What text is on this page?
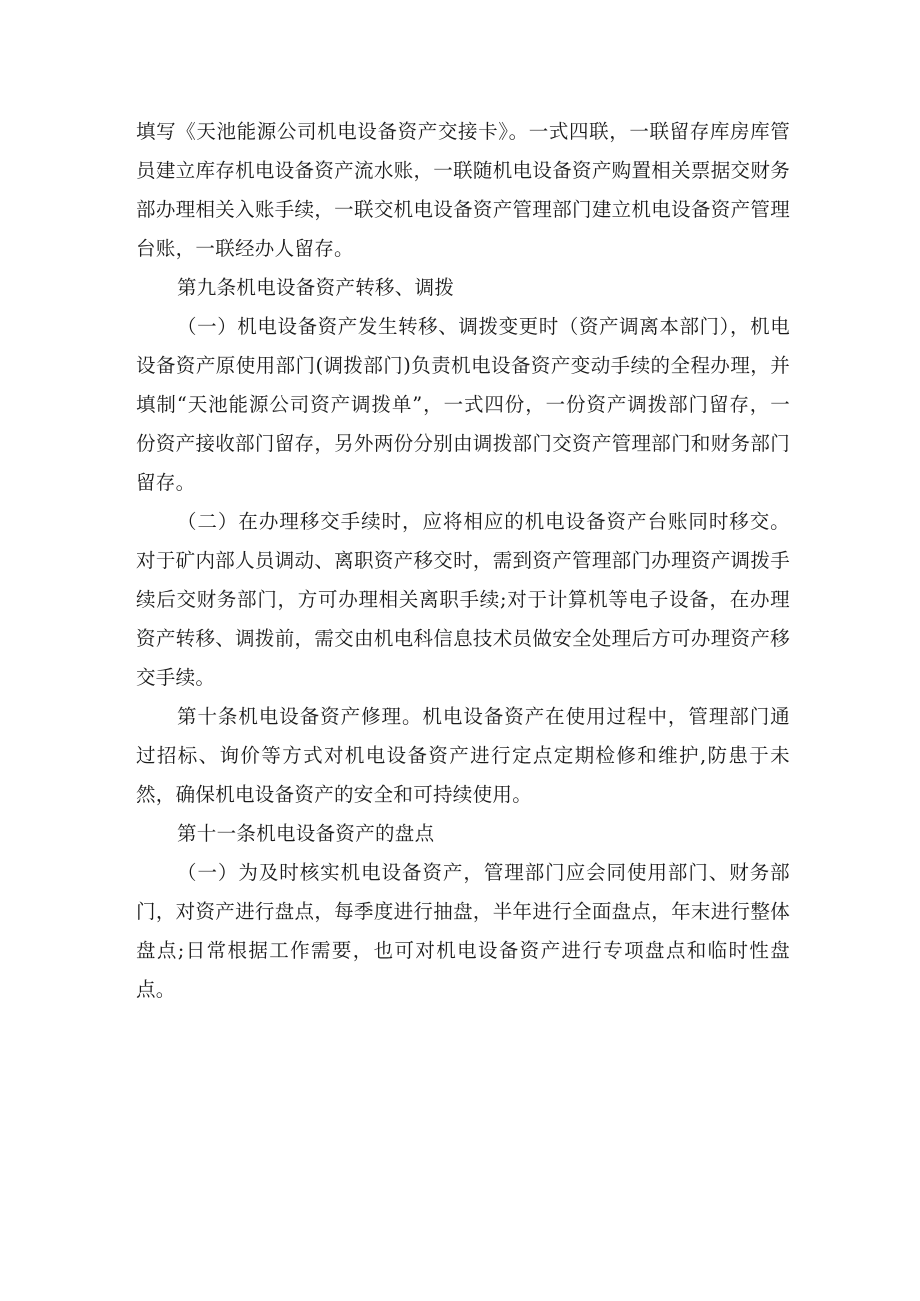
填写《天池能源公司机电设备资产交接卡》。一式四联，一联留存库房库管员建立库存机电设备资产流水账，一联随机电设备资产购置相关票据交财务部办理相关入账手续，一联交机电设备资产管理部门建立机电设备资产管理台账，一联经办人留存。

第九条机电设备资产转移、调拨

（一）机电设备资产发生转移、调拨变更时（资产调离本部门），机电设备资产原使用部门(调拨部门)负责机电设备资产变动手续的全程办理，并填制“天池能源公司资产调拨单”，一式四份，一份资产调拨部门留存，一份资产接收部门留存，另外两份分别由调拨部门交资产管理部门和财务部门留存。

（二）在办理移交手续时，应将相应的机电设备资产台账同时移交。对于矿内部人员调动、离职资产移交时，需到资产管理部门办理资产调拨手续后交财务部门，方可办理相关离职手续;对于计算机等电子设备，在办理资产转移、调拨前，需交由机电科信息技术员做安全处理后方可办理资产移交手续。

第十条机电设备资产修理。机电设备资产在使用过程中，管理部门通过招标、询价等方式对机电设备资产进行定点定期检修和维护,防患于未然，确保机电设备资产的安全和可持续使用。

第十一条机电设备资产的盘点

（一）为及时核实机电设备资产，管理部门应会同使用部门、财务部门，对资产进行盘点，每季度进行抽盘，半年进行全面盘点，年末进行整体盘点;日常根据工作需要，也可对机电设备资产进行专项盘点和临时性盘点。
